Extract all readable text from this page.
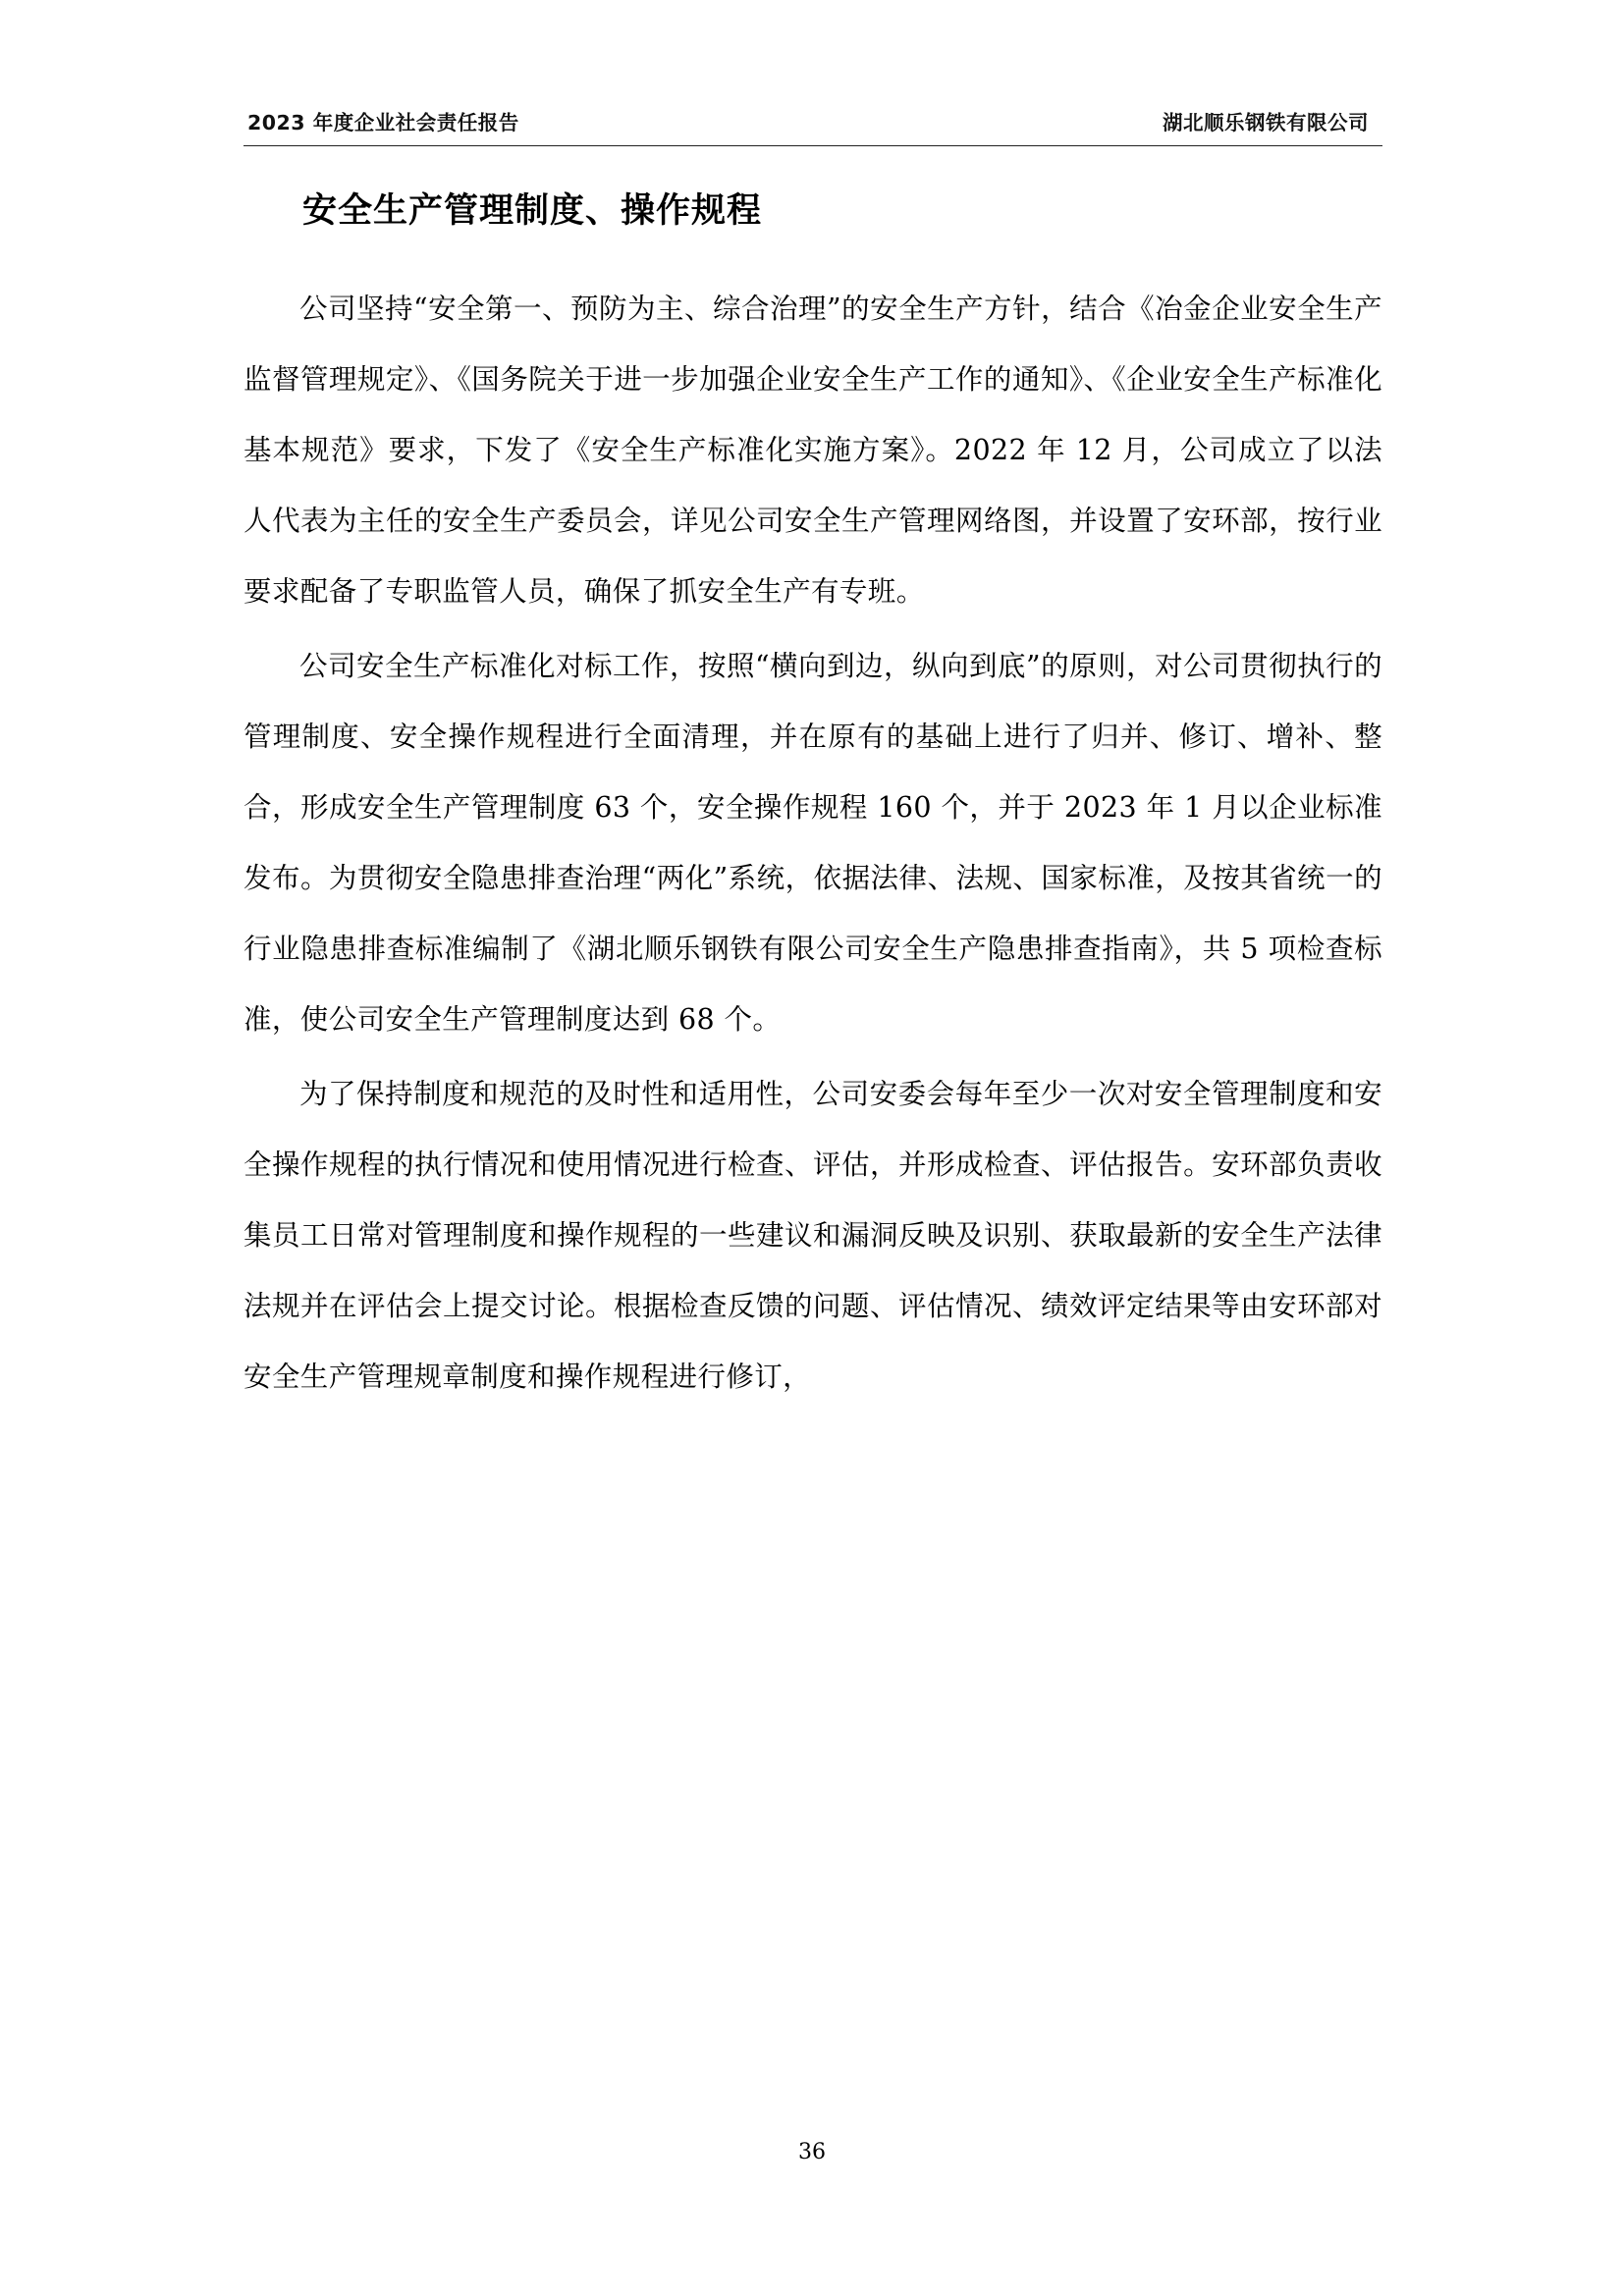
2023 年度企业社会责任报告	湖北顺乐钢铁有限公司
安全生产管理制度、操作规程

公司坚持“安全第一、预防为主、综合治理”的安全生产方针，结合《冶金企业安全生产监督管理规定》、《国务院关于进一步加强企业安全生产工作的通知》、《企业安全生产标准化基本规范》要求，下发了《安全生产标准化实施方案》。2022 年 12 月，公司成立了以法人代表为主任的安全生产委员会，详见公司安全生产管理网络图，并设置了安环部，按行业要求配备了专职监管人员，确保了抓安全生产有专班。

公司安全生产标准化对标工作，按照“横向到边，纵向到底”的原则，对公司贯彻执行的管理制度、安全操作规程进行全面清理，并在原有的基础上进行了归并、修订、增补、整合，形成安全生产管理制度 63 个，安全操作规程 160 个，并于 2023 年 1 月以企业标准发布。为贯彻安全隐患排查治理“两化”系统，依据法律、法规、国家标准，及按其省统一的行业隐患排查标准编制了《湖北顺乐钢铁有限公司安全生产隐患排查指南》，共 5 项检查标准，使公司安全生产管理制度达到 68 个。

为了保持制度和规范的及时性和适用性，公司安委会每年至少一次对安全管理制度和安全操作规程的执行情况和使用情况进行检查、评估，并形成检查、评估报告。安环部负责收集员工日常对管理制度和操作规程的一些建议和漏洞反映及识别、获取最新的安全生产法律法规并在评估会上提交讨论。根据检查反馈的问题、评估情况、绩效评定结果等由安环部对安全生产管理规章制度和操作规程进行修订，

36
